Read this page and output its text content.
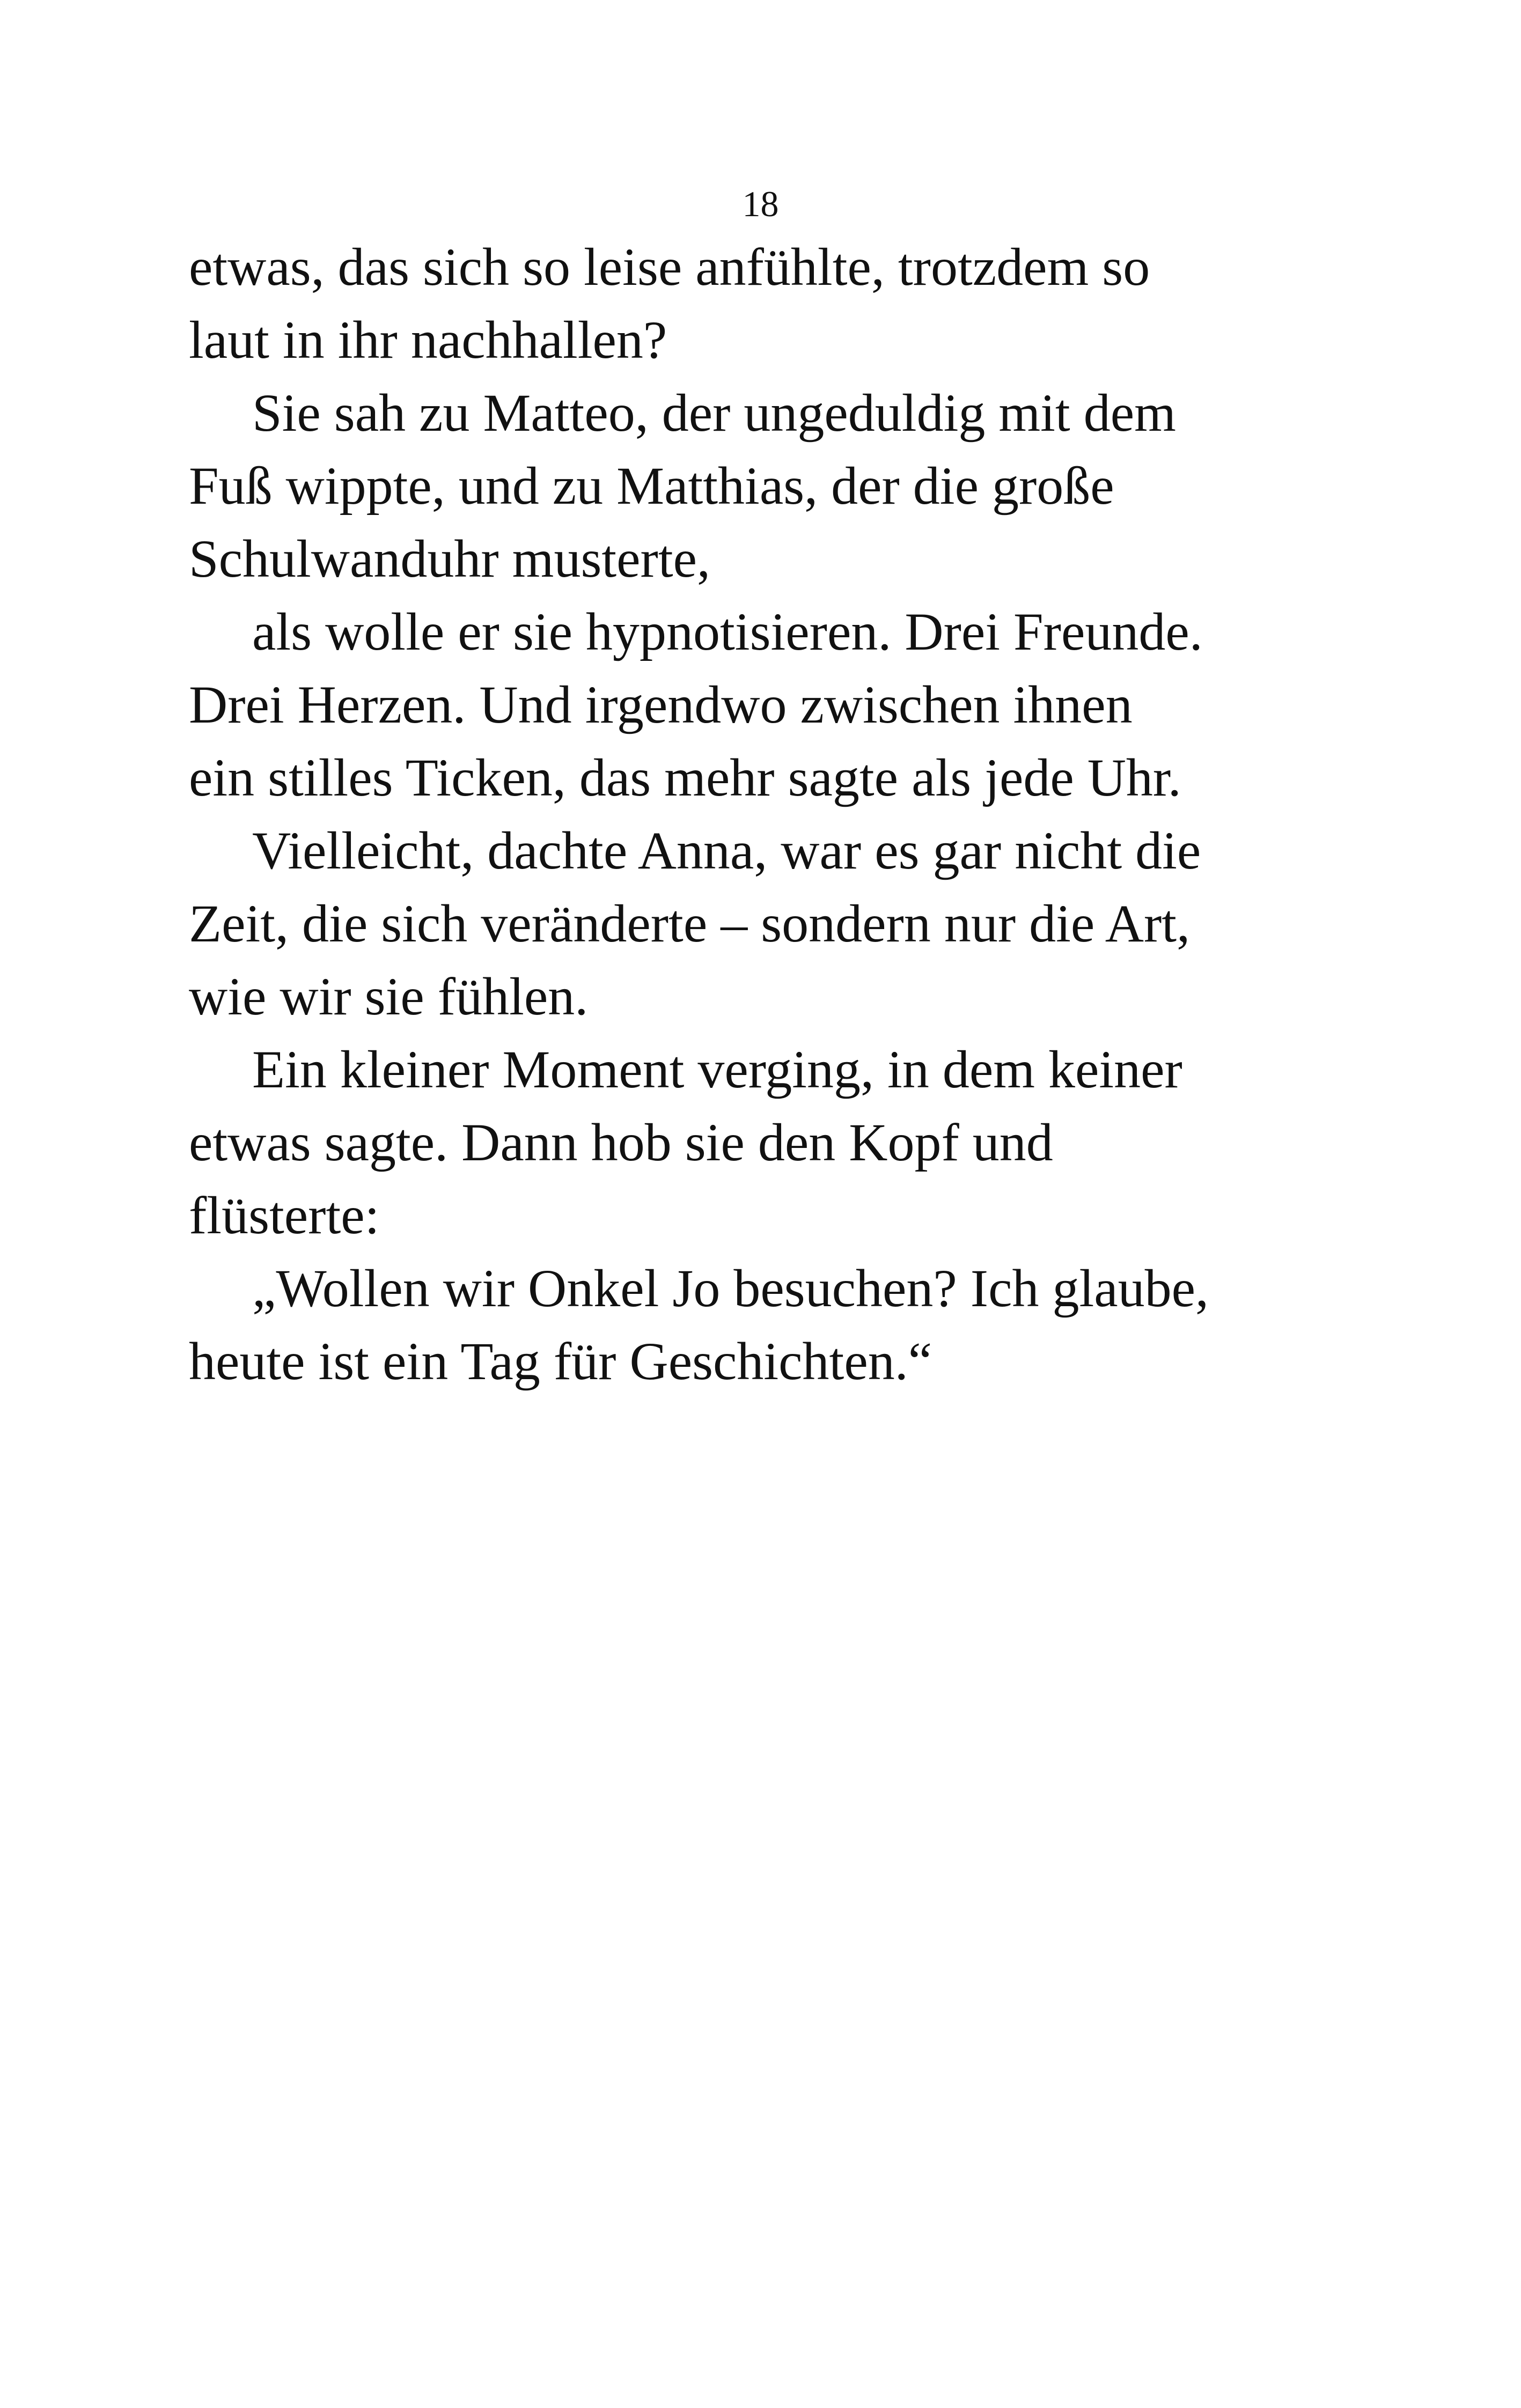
18

etwas, das sich so leise anfühlte, trotzdem so
laut in ihr nachhallen?

Sie sah zu Matteo, der ungeduldig mit dem
Fuß wippte, und zu Matthias, der die große
Schulwanduhr musterte,

als wolle er sie hypnotisieren. Drei Freunde.
Drei Herzen. Und irgendwo zwischen ihnen
ein stilles Ticken, das mehr sagte als jede Uhr.

Vielleicht, dachte Anna, war es gar nicht die
Zeit, die sich veränderte – sondern nur die Art,
wie wir sie fühlen.

Ein kleiner Moment verging, in dem keiner
etwas sagte. Dann hob sie den Kopf und
flüsterte:

„Wollen wir Onkel Jo besuchen? Ich glaube,
heute ist ein Tag für Geschichten.“
